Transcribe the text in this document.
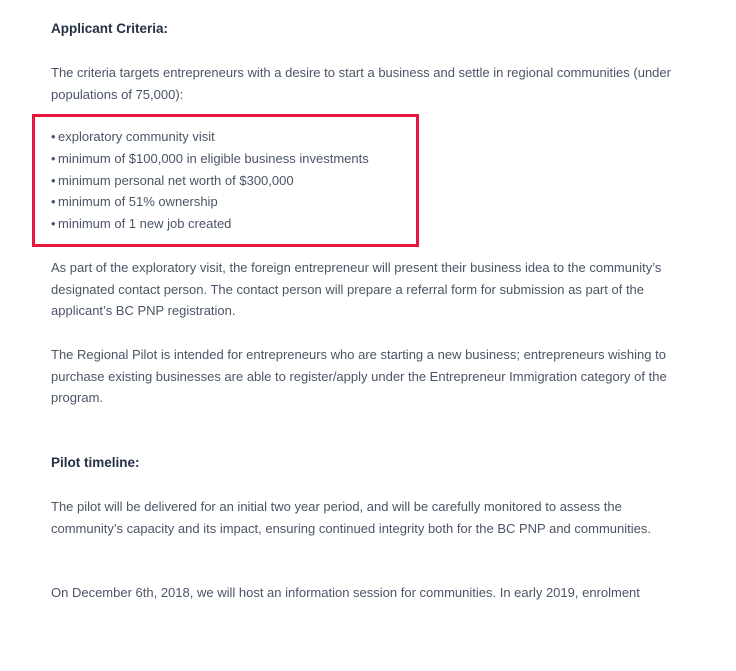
Applicant Criteria:

The criteria targets entrepreneurs with a desire to start a business and settle in regional communities (under populations of 75,000):

• exploratory community visit
• minimum of $100,000 in eligible business investments
• minimum personal net worth of $300,000
• minimum of 51% ownership
• minimum of 1 new job created

As part of the exploratory visit, the foreign entrepreneur will present their business idea to the community’s designated contact person. The contact person will prepare a referral form for submission as part of the applicant’s BC PNP registration.

The Regional Pilot is intended for entrepreneurs who are starting a new business; entrepreneurs wishing to purchase existing businesses are able to register/apply under the Entrepreneur Immigration category of the program.

Pilot timeline:

The pilot will be delivered for an initial two year period, and will be carefully monitored to assess the community’s capacity and its impact, ensuring continued integrity both for the BC PNP and communities.

On December 6th, 2018, we will host an information session for communities. In early 2019, enrolment
